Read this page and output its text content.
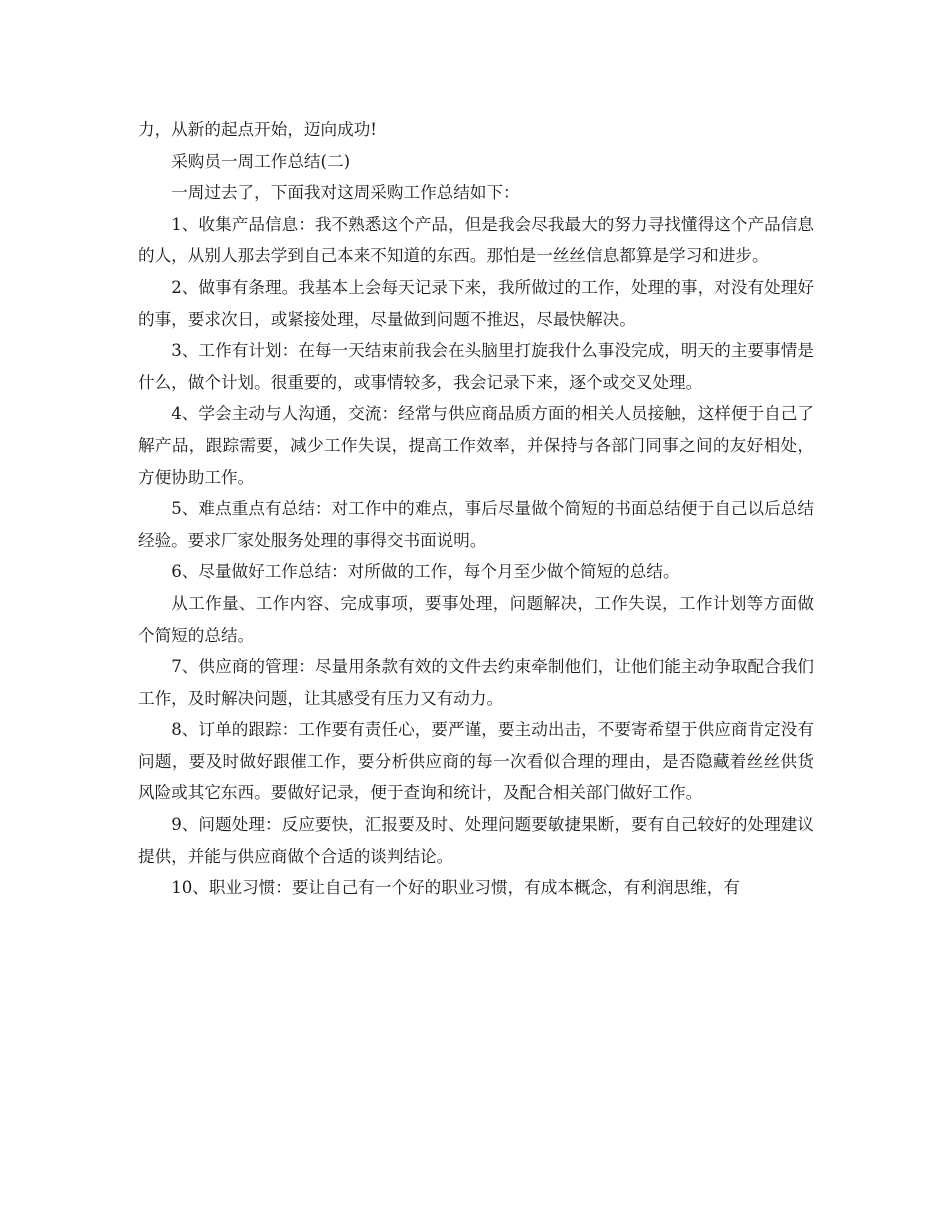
力，从新的起点开始，迈向成功!

采购员一周工作总结(二)

一周过去了，下面我对这周采购工作总结如下：

1、收集产品信息：我不熟悉这个产品，但是我会尽我最大的努力寻找懂得这个产品信息的人，从别人那去学到自己本来不知道的东西。那怕是一丝丝信息都算是学习和进步。

2、做事有条理。我基本上会每天记录下来，我所做过的工作，处理的事，对没有处理好的事，要求次日，或紧接处理，尽量做到问题不推迟，尽最快解决。

3、工作有计划：在每一天结束前我会在头脑里打旋我什么事没完成，明天的主要事情是什么，做个计划。很重要的，或事情较多，我会记录下来，逐个或交叉处理。

4、学会主动与人沟通，交流：经常与供应商品质方面的相关人员接触，这样便于自己了解产品，跟踪需要，减少工作失误，提高工作效率，并保持与各部门同事之间的友好相处，方便协助工作。

5、难点重点有总结：对工作中的难点，事后尽量做个简短的书面总结便于自己以后总结经验。要求厂家处服务处理的事得交书面说明。

6、尽量做好工作总结：对所做的工作，每个月至少做个简短的总结。

从工作量、工作内容、完成事项，要事处理，问题解决，工作失误，工作计划等方面做个简短的总结。

7、供应商的管理：尽量用条款有效的文件去约束牵制他们，让他们能主动争取配合我们工作，及时解决问题，让其感受有压力又有动力。

8、订单的跟踪：工作要有责任心，要严谨，要主动出击，不要寄希望于供应商肯定没有问题，要及时做好跟催工作，要分析供应商的每一次看似合理的理由，是否隐藏着丝丝供货风险或其它东西。要做好记录，便于查询和统计，及配合相关部门做好工作。

9、问题处理：反应要快，汇报要及时、处理问题要敏捷果断，要有自己较好的处理建议提供，并能与供应商做个合适的谈判结论。

10、职业习惯：要让自己有一个好的职业习惯，有成本概念，有利润思维，有
